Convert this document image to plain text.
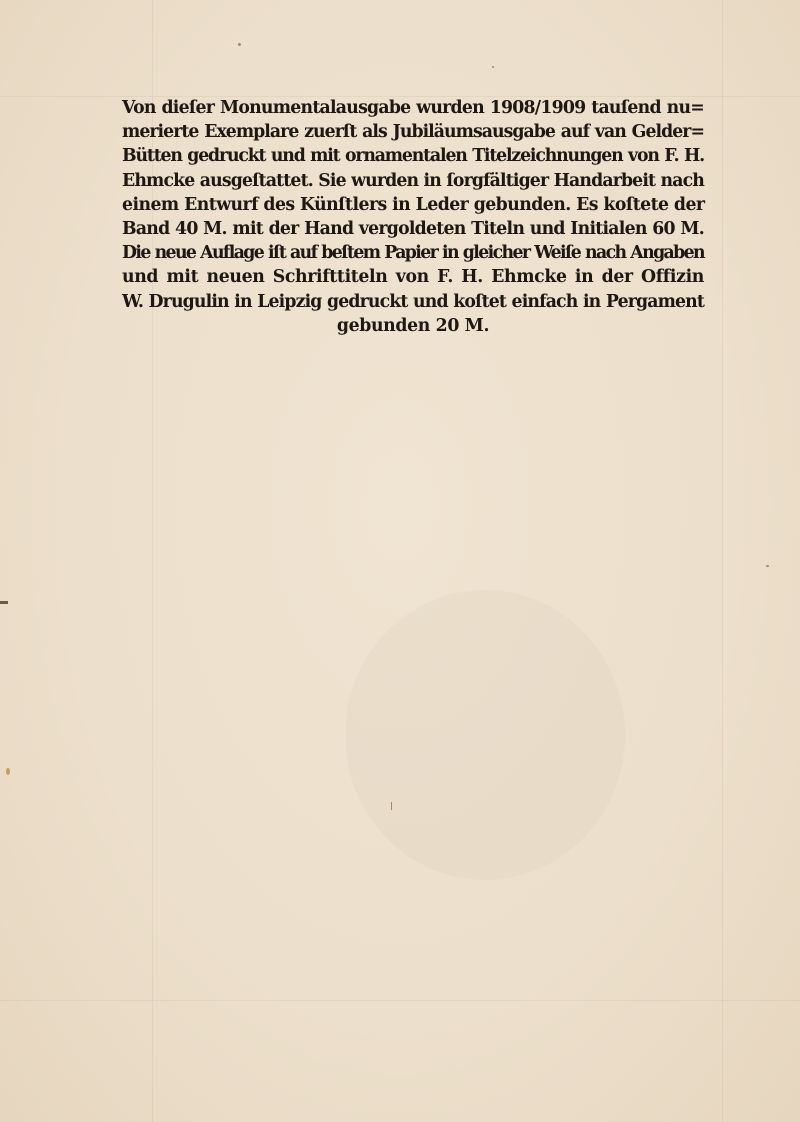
Von dieſer Monumentalausgabe wurden 1908/1909 tauſend nu=
merierte Exemplare zuerſt als Jubiläumsausgabe auf van Gelder=
Bütten gedruckt und mit ornamentalen Titelzeichnungen von F. H.
Ehmcke ausgeſtattet. Sie wurden in ſorgfältiger Handarbeit nach
einem Entwurf des Künſtlers in Leder gebunden. Es koſtete der
Band 40 M. mit der Hand vergoldeten Titeln und Initialen 60 M.
Die neue Auflage iſt auf beſtem Papier in gleicher Weiſe nach Angaben
und mit neuen Schrifttiteln von F. H. Ehmcke in der Offizin
W. Drugulin in Leipzig gedruckt und koſtet einfach in Pergament
gebunden 20 M.
